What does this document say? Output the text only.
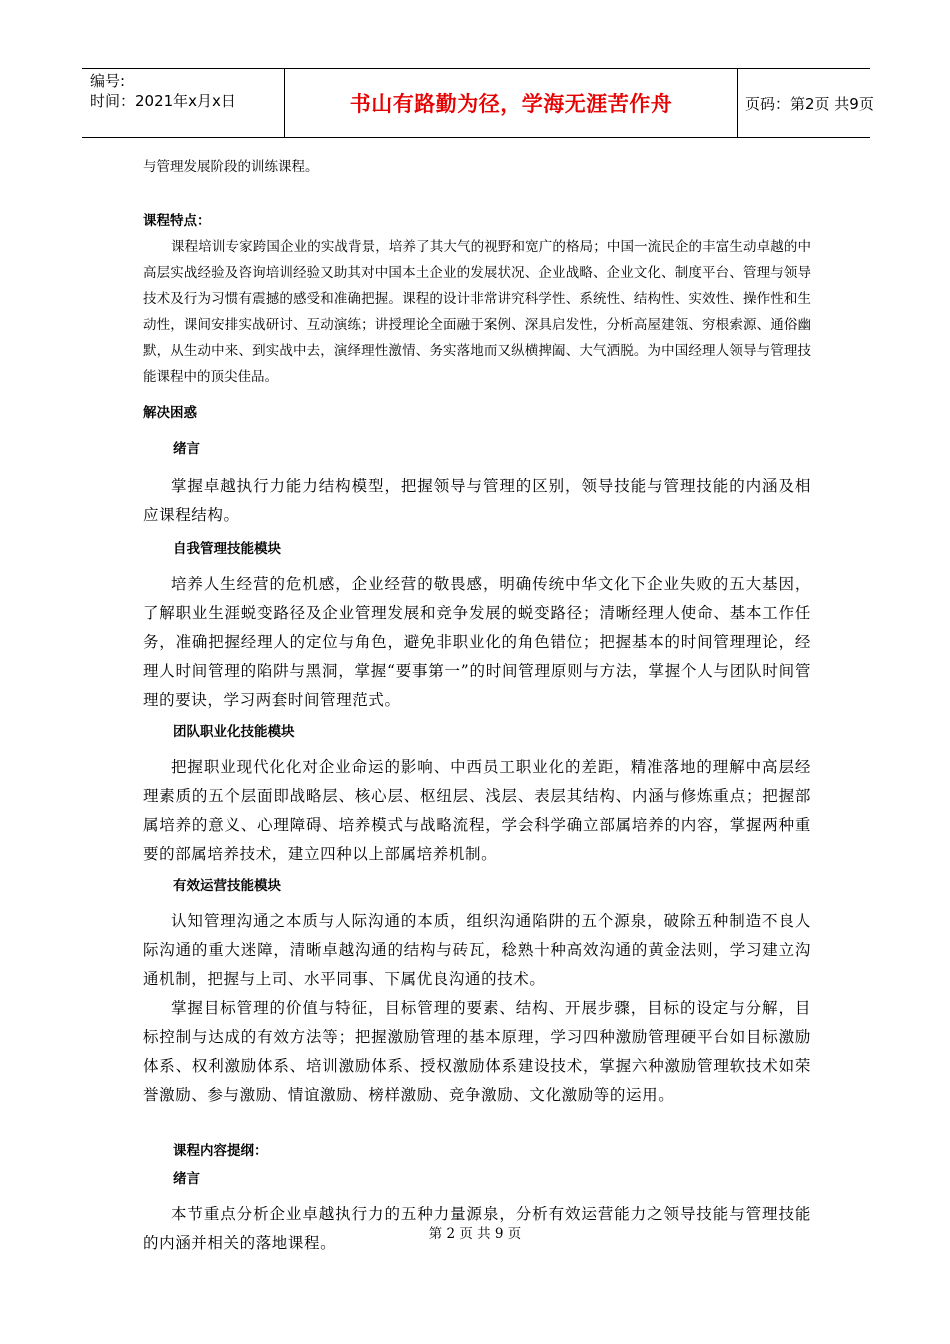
编号:
时间：2021年x月x日	书山有路勤为径，学海无涯苦作舟	页码：第2页 共9页

与管理发展阶段的训练课程。

课程特点：

课程培训专家跨国企业的实战背景，培养了其大气的视野和宽广的格局；中国一流民企的丰富生动卓越的中高层实战经验及咨询培训经验又助其对中国本土企业的发展状况、企业战略、企业文化、制度平台、管理与领导技术及行为习惯有震撼的感受和准确把握。课程的设计非常讲究科学性、系统性、结构性、实效性、操作性和生动性，课间安排实战研讨、互动演练；讲授理论全面融于案例、深具启发性，分析高屋建瓴、穷根索源、通俗幽默，从生动中来、到实战中去，演绎理性激情、务实落地而又纵横捭阖、大气洒脱。为中国经理人领导与管理技能课程中的顶尖佳品。

解决困惑

绪言

掌握卓越执行力能力结构模型，把握领导与管理的区别，领导技能与管理技能的内涵及相应课程结构。

自我管理技能模块

培养人生经营的危机感，企业经营的敬畏感，明确传统中华文化下企业失败的五大基因，了解职业生涯蜕变路径及企业管理发展和竞争发展的蜕变路径；清晰经理人使命、基本工作任务，准确把握经理人的定位与角色，避免非职业化的角色错位；把握基本的时间管理理论，经理人时间管理的陷阱与黑洞，掌握“要事第一”的时间管理原则与方法，掌握个人与团队时间管理的要诀，学习两套时间管理范式。

团队职业化技能模块

把握职业现代化化对企业命运的影响、中西员工职业化的差距，精准落地的理解中高层经理素质的五个层面即战略层、核心层、枢纽层、浅层、表层其结构、内涵与修炼重点；把握部属培养的意义、心理障碍、培养模式与战略流程，学会科学确立部属培养的内容，掌握两种重要的部属培养技术，建立四种以上部属培养机制。

有效运营技能模块

认知管理沟通之本质与人际沟通的本质，组织沟通陷阱的五个源泉，破除五种制造不良人际沟通的重大迷障，清晰卓越沟通的结构与砖瓦，稔熟十种高效沟通的黄金法则，学习建立沟通机制，把握与上司、水平同事、下属优良沟通的技术。

掌握目标管理的价值与特征，目标管理的要素、结构、开展步骤，目标的设定与分解，目标控制与达成的有效方法等；把握激励管理的基本原理，学习四种激励管理硬平台如目标激励体系、权利激励体系、培训激励体系、授权激励体系建设技术，掌握六种激励管理软技术如荣誉激励、参与激励、情谊激励、榜样激励、竞争激励、文化激励等的运用。

课程内容提纲：

绪言

本节重点分析企业卓越执行力的五种力量源泉，分析有效运营能力之领导技能与管理技能的内涵并相关的落地课程。	第 2 页 共 9 页
